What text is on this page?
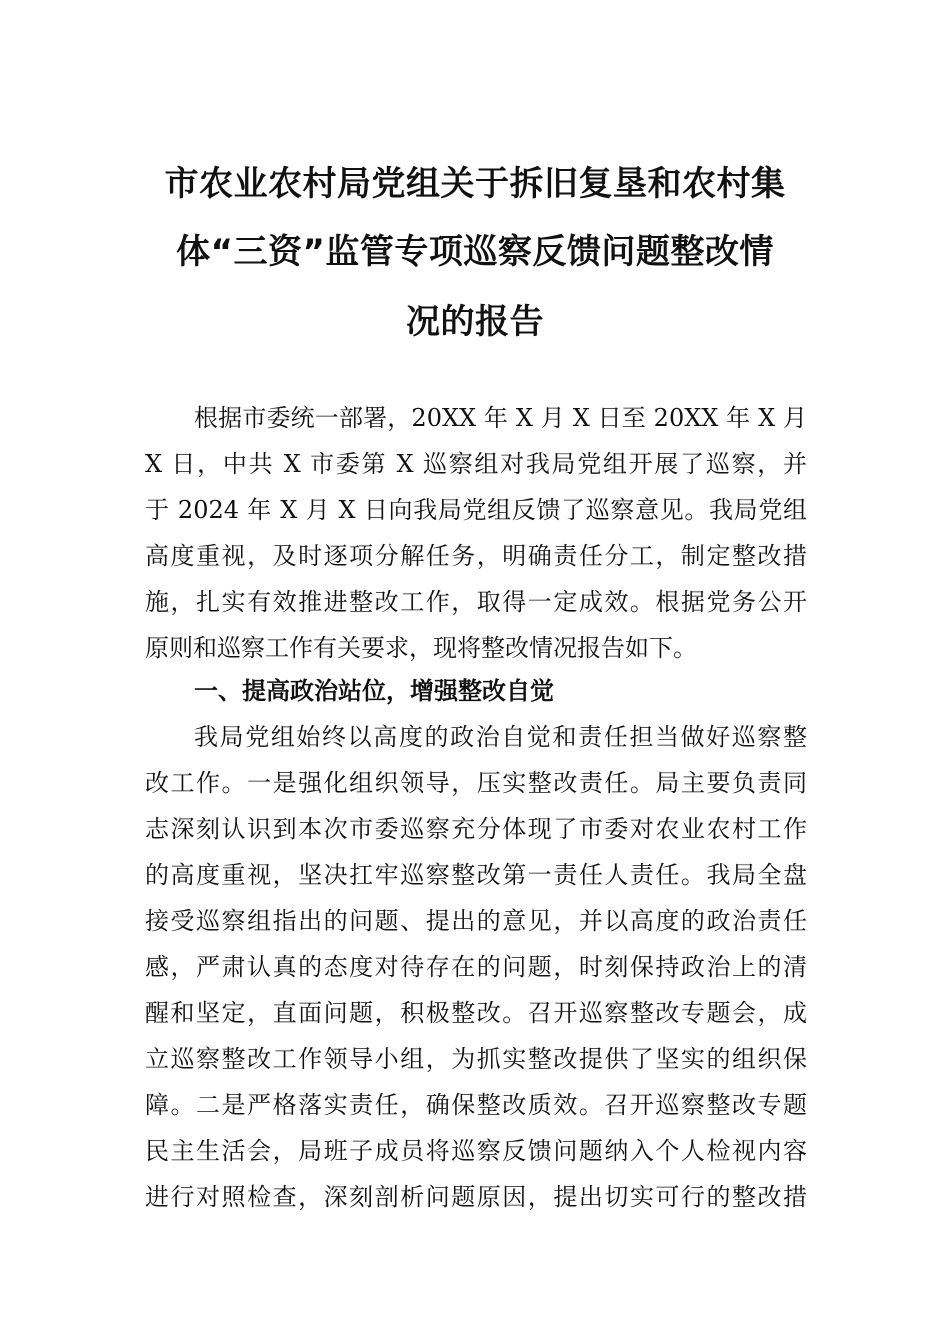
市农业农村局党组关于拆旧复垦和农村集
体“三资”监管专项巡察反馈问题整改情
况的报告

根据市委统一部署，20XX 年 X 月 X 日至 20XX 年 X 月

X 日，中共 X 市委第 X 巡察组对我局党组开展了巡察，并

于 2024 年 X 月 X 日向我局党组反馈了巡察意见。我局党组

高度重视，及时逐项分解任务，明确责任分工，制定整改措

施，扎实有效推进整改工作，取得一定成效。根据党务公开

原则和巡察工作有关要求，现将整改情况报告如下。

一、提高政治站位，增强整改自觉

我局党组始终以高度的政治自觉和责任担当做好巡察整

改工作。一是强化组织领导，压实整改责任。局主要负责同

志深刻认识到本次市委巡察充分体现了市委对农业农村工作

的高度重视，坚决扛牢巡察整改第一责任人责任。我局全盘

接受巡察组指出的问题、提出的意见，并以高度的政治责任

感，严肃认真的态度对待存在的问题，时刻保持政治上的清

醒和坚定，直面问题，积极整改。召开巡察整改专题会，成

立巡察整改工作领导小组，为抓实整改提供了坚实的组织保

障。二是严格落实责任，确保整改质效。召开巡察整改专题

民主生活会，局班子成员将巡察反馈问题纳入个人检视内容

进行对照检查，深刻剖析问题原因，提出切实可行的整改措
